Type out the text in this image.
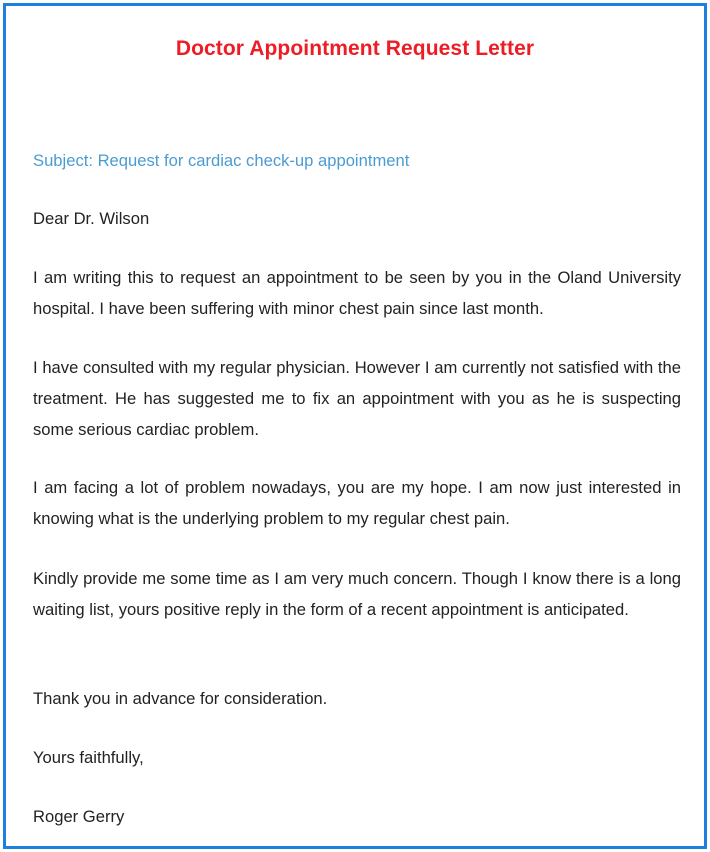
Doctor Appointment Request Letter
Subject: Request for cardiac check-up appointment
Dear Dr. Wilson
I am writing this to request an appointment to be seen by you in the Oland University hospital. I have been suffering with minor chest pain since last month.
I have consulted with my regular physician. However I am currently not satisfied with the treatment. He has suggested me to fix an appointment with you as he is suspecting some serious cardiac problem.
I am facing a lot of problem nowadays, you are my hope. I am now just interested in knowing what is the underlying problem to my regular chest pain.
Kindly provide me some time as I am very much concern. Though I know there is a long waiting list, yours positive reply in the form of a recent appointment is anticipated.
Thank you in advance for consideration.
Yours faithfully,
Roger Gerry
